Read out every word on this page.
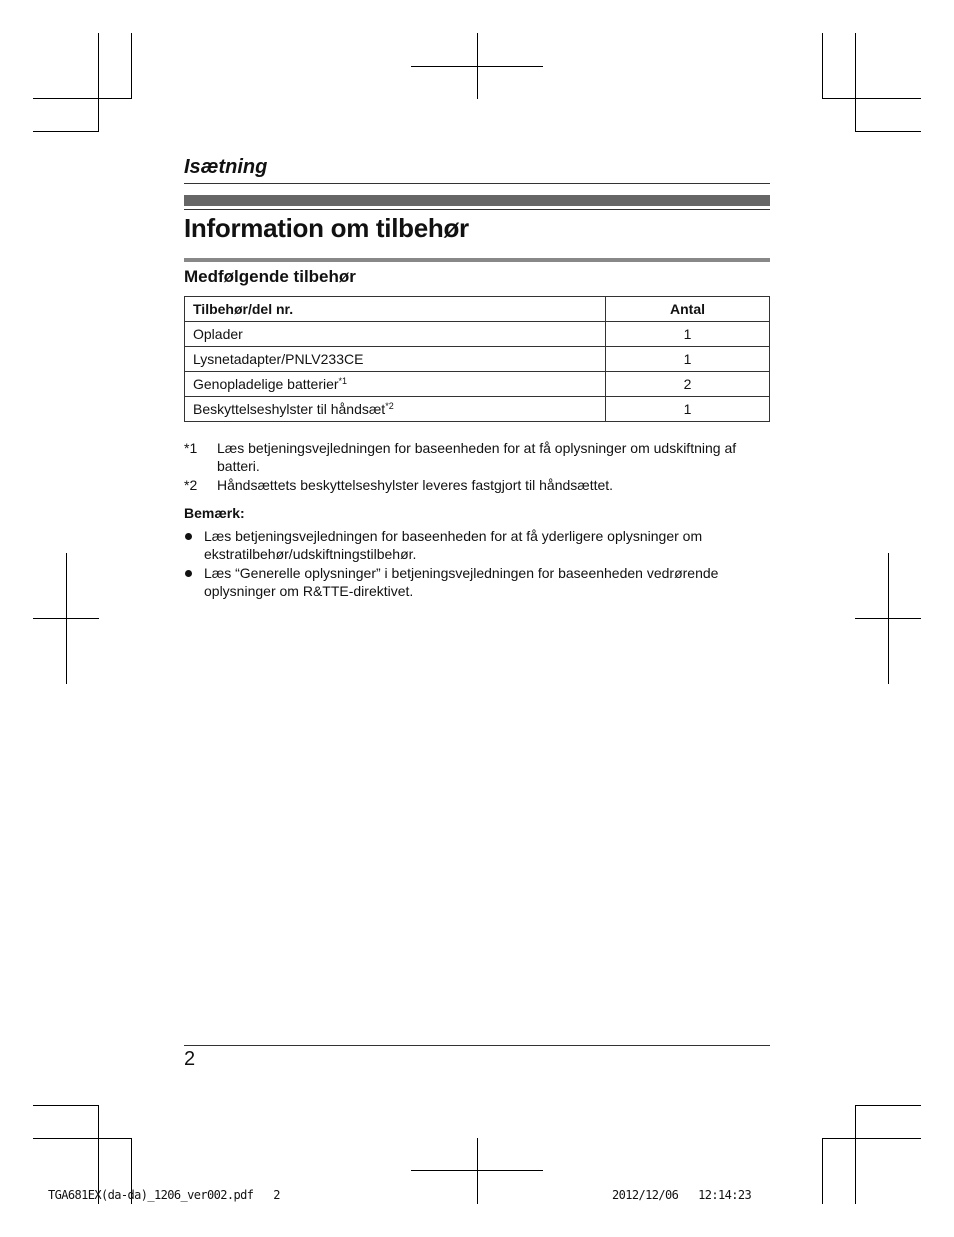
Isætning
Information om tilbehør
Medfølgende tilbehør
Tilbehør/del nr.	Antal
Oplader	1
Lysnetadapter/PNLV233CE	1
Genopladelige batterier$^{*1}$	2
Beskyttelseshylster til håndsæt$^{*2}$	1
*1 Læs betjeningsvejledningen for baseenheden for at få oplysninger om udskiftning af batteri.
*2 Håndsættets beskyttelseshylster leveres fastgjort til håndsættet.
Bemærk:
Læs betjeningsvejledningen for baseenheden for at få yderligere oplysninger om ekstratilbehør/udskiftningstilbehør.
Læs “Generelle oplysninger” i betjeningsvejledningen for baseenheden vedrørende oplysninger om R&TTE-direktivet.
2
TGA681EX(da-da)_1206_ver002.pdf   2	2012/12/06   12:14:23
